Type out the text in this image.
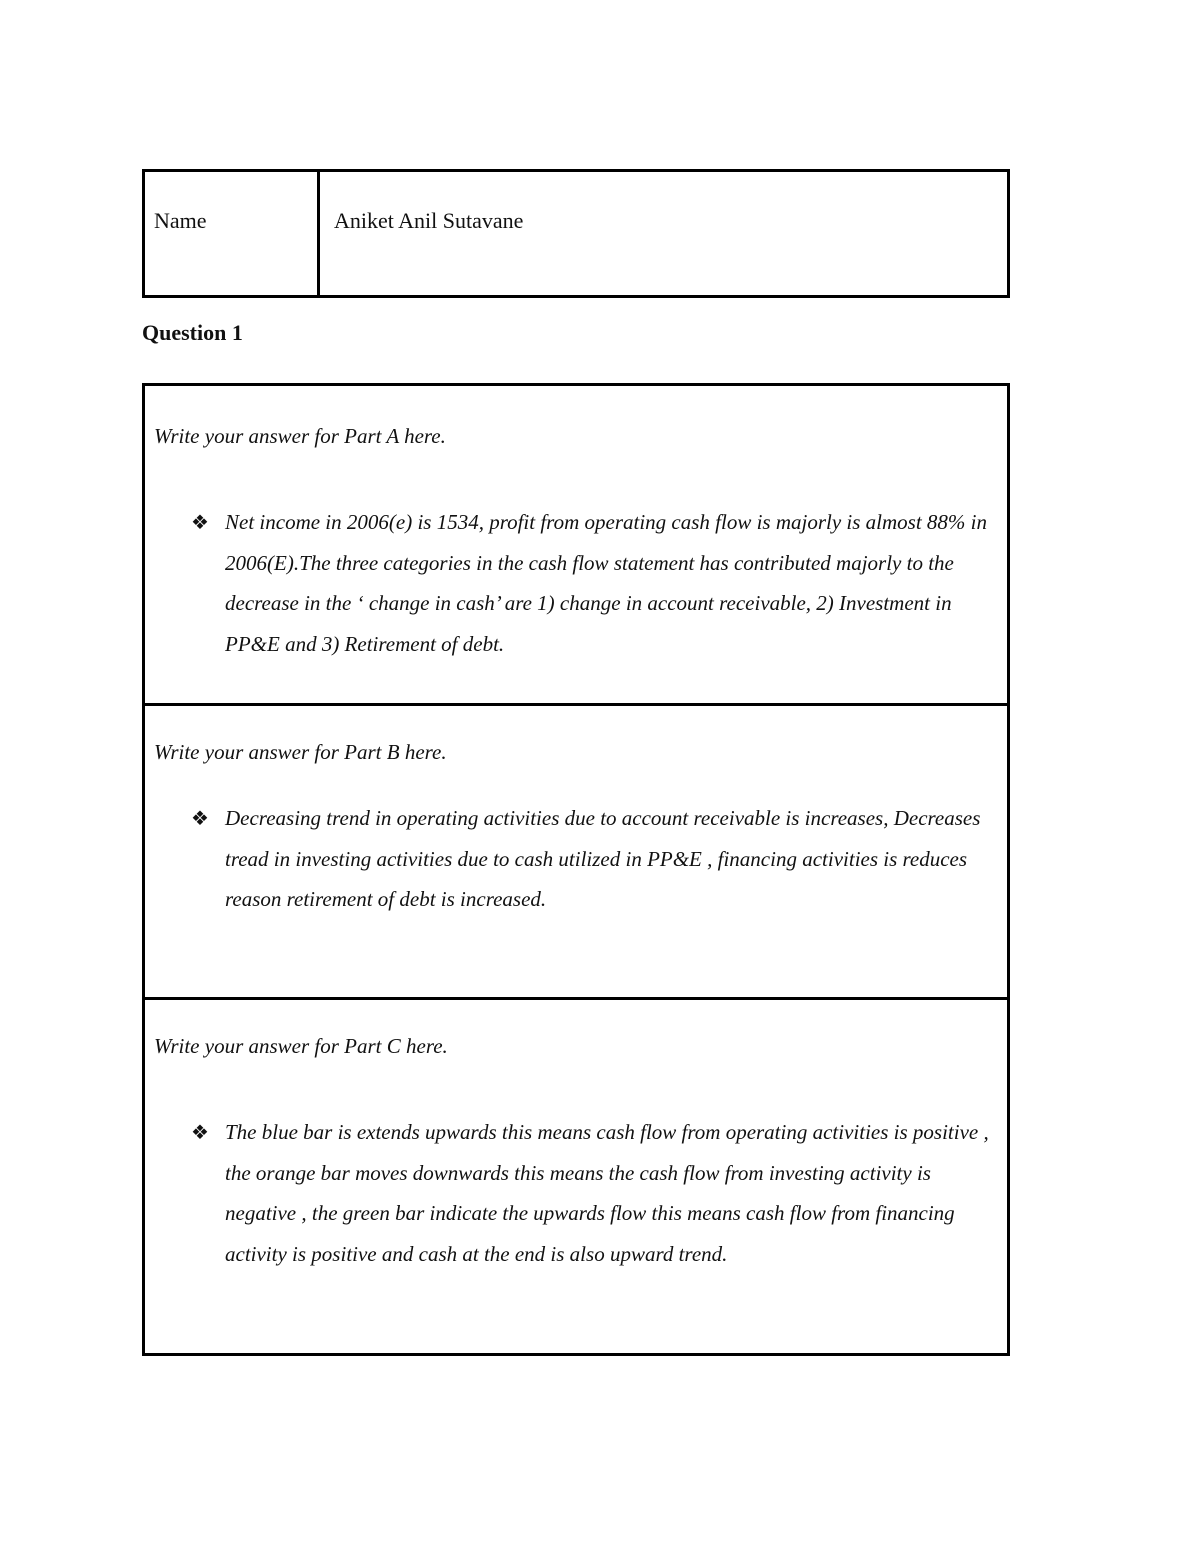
Name	Aniket Anil Sutavane
Question 1
Write your answer for Part A here.
❖ Net income in 2006(e) is 1534, profit from operating cash flow is majorly is almost 88% in 2006(E).The three categories in the cash flow statement has contributed majorly to the decrease in the ‘ change in cash’ are 1) change in account receivable, 2) Investment in PP&E and 3) Retirement of debt.
Write your answer for Part B here.
❖ Decreasing trend in operating activities due to account receivable is increases, Decreases tread in investing activities due to cash utilized in PP&E , financing activities is reduces reason retirement of debt is increased.
Write your answer for Part C here.
❖ The blue bar is extends upwards this means cash flow from operating activities is positive , the orange bar moves downwards this means the cash flow from investing activity is negative , the green bar indicate the upwards flow this means cash flow from financing activity is positive and cash at the end is also upward trend.
